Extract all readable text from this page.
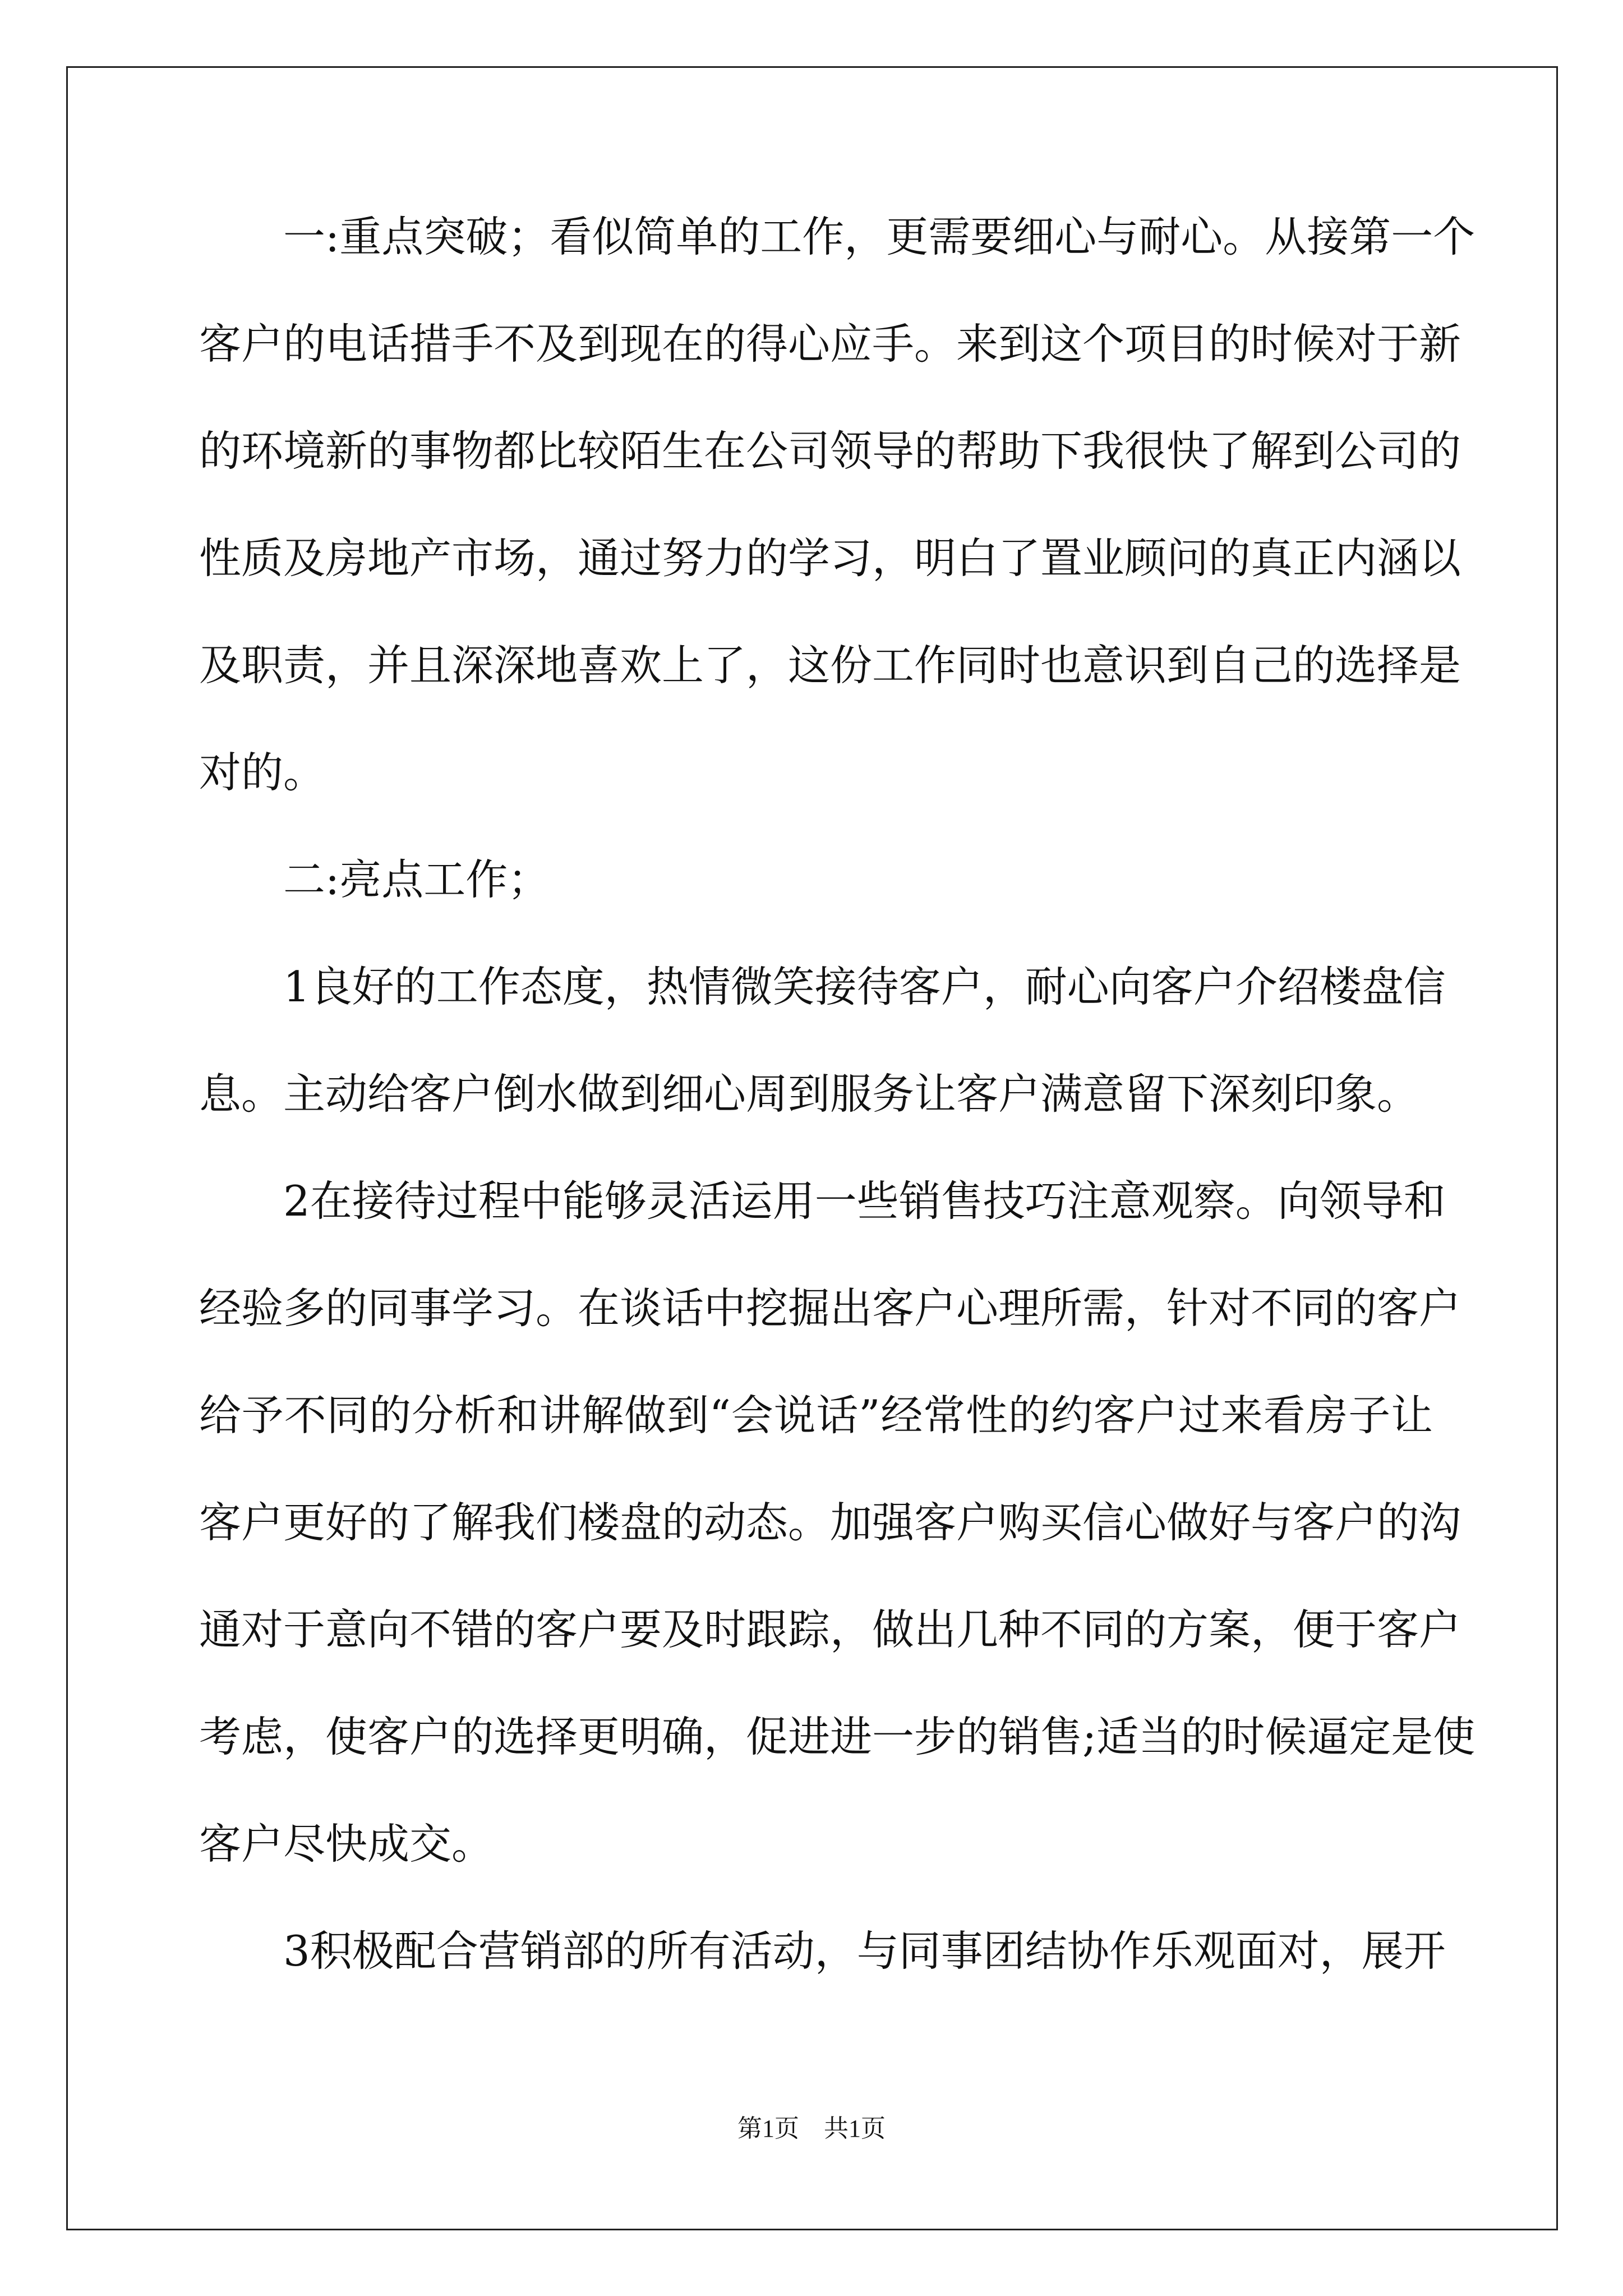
一:重点突破；看似简单的工作，更需要细心与耐心。从接第一个
客户的电话措手不及到现在的得心应手。来到这个项目的时候对于新
的环境新的事物都比较陌生在公司领导的帮助下我很快了解到公司的
性质及房地产市场，通过努力的学习，明白了置业顾问的真正内涵以
及职责，并且深深地喜欢上了，这份工作同时也意识到自己的选择是
对的。
二:亮点工作；
1良好的工作态度，热情微笑接待客户，耐心向客户介绍楼盘信
息。主动给客户倒水做到细心周到服务让客户满意留下深刻印象。
2在接待过程中能够灵活运用一些销售技巧注意观察。向领导和
经验多的同事学习。在谈话中挖掘出客户心理所需，针对不同的客户
给予不同的分析和讲解做到“会说话”经常性的约客户过来看房子让
客户更好的了解我们楼盘的动态。加强客户购买信心做好与客户的沟
通对于意向不错的客户要及时跟踪，做出几种不同的方案，便于客户
考虑，使客户的选择更明确，促进进一步的销售;适当的时候逼定是使
客户尽快成交。
3积极配合营销部的所有活动，与同事团结协作乐观面对，展开
第1页　共1页
